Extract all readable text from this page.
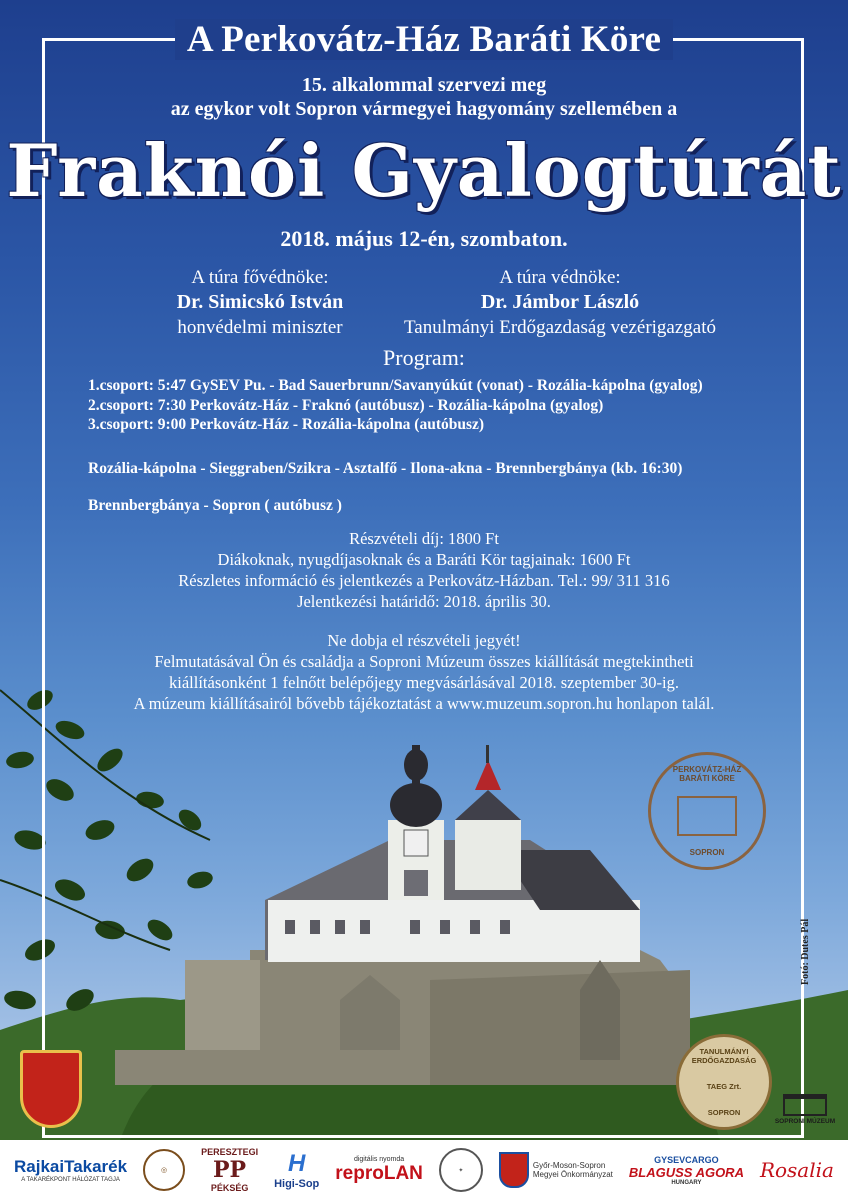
A Perkovátz-Ház Baráti Köre
15. alkalommal szervezi meg
az egykor volt Sopron vármegyei hagyomány szellemében a
Fraknói Gyalogtúrát
2018. május 12-én, szombaton.
A túra fővédnöke:
Dr. Simicskó István
honvédelmi miniszter
A túra védnöke:
Dr. Jámbor László
Tanulmányi Erdőgazdaság vezérigazgató
Program:
1.csoport: 5:47 GySEV Pu. - Bad Sauerbrunn/Savanyúkút (vonat) - Rozália-kápolna (gyalog)
2.csoport: 7:30 Perkovátz-Ház - Fraknó (autóbusz) - Rozália-kápolna (gyalog)
3.csoport: 9:00 Perkovátz-Ház - Rozália-kápolna (autóbusz)
Rozália-kápolna - Sieggraben/Szikra - Asztalfő - Ilona-akna - Brennbergbánya (kb. 16:30)
Brennbergbánya - Sopron ( autóbusz )
Részvételi díj: 1800 Ft
Diákoknak, nyugdíjasoknak és a Baráti Kör tagjainak: 1600 Ft
Részletes információ és jelentkezés a Perkovátz-Házban. Tel.: 99/ 311 316
Jelentkezési határidő: 2018. április 30.
Ne dobja el részvételi jegyét!
Felmutatásával Ön és családja a Soproni Múzeum összes kiállítását megtekintheti
kiállításonként 1 felnőtt belépőjegy megvásárlásával 2018. szeptember 30-ig.
A múzeum kiállításairól bővebb tájékoztatást a www.muzeum.sopron.hu honlapon talál.
PERKOVÁTZ-HÁZ BARÁTI KÖRE
SOPRON
Fotó: Dutes Pál
TANULMÁNYI ERDŐGAZDASÁG
TAEG Zrt.
SOPRON
SOPRONI MÚZEUM
RajkaiTakarék
A TAKARÉKPONT HÁLÓZAT TAGJA
◎
PERESZTEGI
PP
PÉKSÉG
H
Higi-Sop
digitális nyomda
reproLAN	✦
Győr-Moson-Sopron
Megyei Önkormányzat
GYSEVCARGO
BLAGUSS AGORA
HUNGARY
Rosalia
